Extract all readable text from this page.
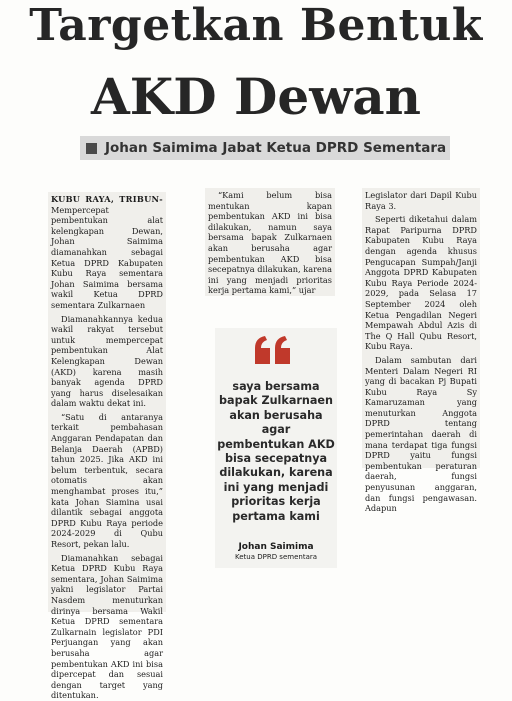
Targetkan Bentuk
AKD Dewan
Johan Saimima Jabat Ketua DPRD Sementara

KUBU RAYA, TRIBUN- Mempercepat pembentukan alat kelengkapan Dewan, Johan Saimima diamanahkan sebagai Ketua DPRD Kabupaten Kubu Raya sementara Johan Saimima bersama wakil Ketua DPRD sementara Zulkarnaen

Diamanahkannya kedua wakil rakyat tersebut untuk mempercepat pembentukan Alat Kelengkapan Dewan (AKD) karena masih banyak agenda DPRD yang harus diselesaikan dalam waktu dekat ini.

“Satu di antaranya terkait pembahasan Anggaran Pendapatan dan Belanja Daerah (APBD) tahun 2025. Jika AKD ini belum terbentuk, secara otomatis akan menghambat proses itu,” kata Johan Siamina usai dilantik sebagai anggota DPRD Kubu Raya periode 2024-2029 di Qubu Resort, pekan lalu.

Diamanahkan sebagai Ketua DPRD Kubu Raya sementara, Johan Saimima yakni legislator Partai Nasdem menuturkan dirinya bersama Wakil Ketua DPRD sementara Zulkarnain legislator PDI Perjuangan yang akan berusaha agar pembentukan AKD ini bisa dipercepat dan sesuai dengan target yang ditentukan.

“Kami belum bisa mentukan kapan pembentukan AKD ini bisa dilakukan, namun saya bersama bapak Zulkarnaen akan berusaha agar pembentukan AKD bisa secepatnya dilakukan, karena ini yang menjadi prioritas kerja pertama kami,” ujar

saya bersama bapak Zulkarnaen akan berusaha agar pembentukan AKD bisa secepatnya dilakukan, karena ini yang menjadi prioritas kerja pertama kami
Johan Saimima
Ketua DPRD sementara

Legislator dari Dapil Kubu Raya 3.

Seperti diketahui dalam Rapat Paripurna DPRD Kabupaten Kubu Raya dengan agenda khusus Pengucapan Sumpah/Janji Anggota DPRD Kabupaten Kubu Raya Periode 2024-2029, pada Selasa 17 September 2024 oleh Ketua Pengadilan Negeri Mempawah Abdul Azis di The Q Hall Qubu Resort, Kubu Raya.

Dalam sambutan dari Menteri Dalam Negeri RI yang di bacakan Pj Bupati Kubu Raya Sy Kamaruzaman yang menuturkan Anggota DPRD tentang pemerintahan daerah di mana terdapat tiga fungsi DPRD yaitu fungsi pembentukan peraturan daerah, fungsi penyusunan anggaran, dan fungsi pengawasan. Adapun
